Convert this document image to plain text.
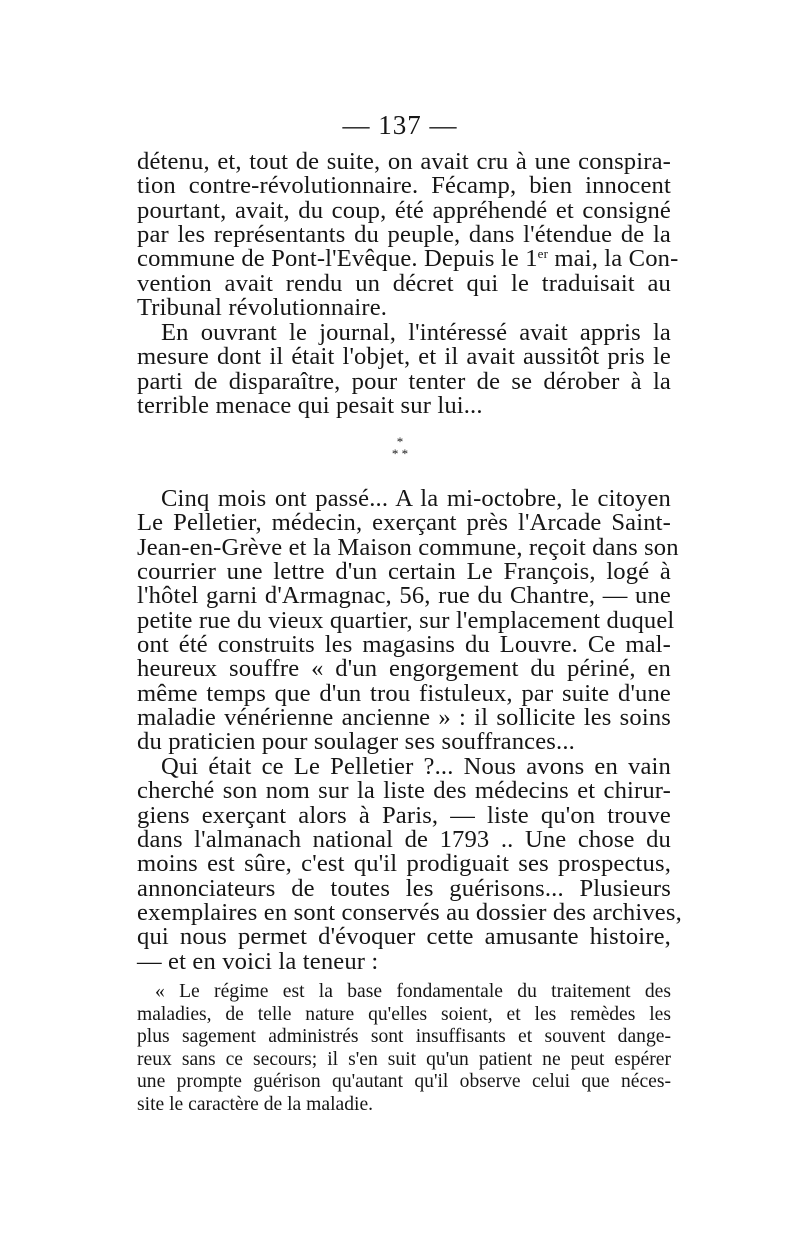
— 137 —
détenu, et, tout de suite, on avait cru à une conspira-
tion contre-révolutionnaire. Fécamp, bien innocent
pourtant, avait, du coup, été appréhendé et consigné
par les représentants du peuple, dans l'étendue de la
commune de Pont-l'Evêque. Depuis le 1er mai, la Con-
vention avait rendu un décret qui le traduisait au
Tribunal révolutionnaire.
En ouvrant le journal, l'intéressé avait appris la
mesure dont il était l'objet, et il avait aussitôt pris le
parti de disparaître, pour tenter de se dérober à la
terrible menace qui pesait sur lui...
*
* *
Cinq mois ont passé... A la mi-octobre, le citoyen
Le Pelletier, médecin, exerçant près l'Arcade Saint-
Jean-en-Grève et la Maison commune, reçoit dans son
courrier une lettre d'un certain Le François, logé à
l'hôtel garni d'Armagnac, 56, rue du Chantre, — une
petite rue du vieux quartier, sur l'emplacement duquel
ont été construits les magasins du Louvre. Ce mal-
heureux souffre « d'un engorgement du périné, en
même temps que d'un trou fistuleux, par suite d'une
maladie vénérienne ancienne » : il sollicite les soins
du praticien pour soulager ses souffrances...
Qui était ce Le Pelletier ?... Nous avons en vain
cherché son nom sur la liste des médecins et chirur-
giens exerçant alors à Paris, — liste qu'on trouve
dans l'almanach national de 1793 .. Une chose du
moins est sûre, c'est qu'il prodiguait ses prospectus,
annonciateurs de toutes les guérisons... Plusieurs
exemplaires en sont conservés au dossier des archives,
qui nous permet d'évoquer cette amusante histoire,
— et en voici la teneur :
« Le régime est la base fondamentale du traitement des
maladies, de telle nature qu'elles soient, et les remèdes les
plus sagement administrés sont insuffisants et souvent dange-
reux sans ce secours; il s'en suit qu'un patient ne peut espérer
une prompte guérison qu'autant qu'il observe celui que néces-
site le caractère de la maladie.
